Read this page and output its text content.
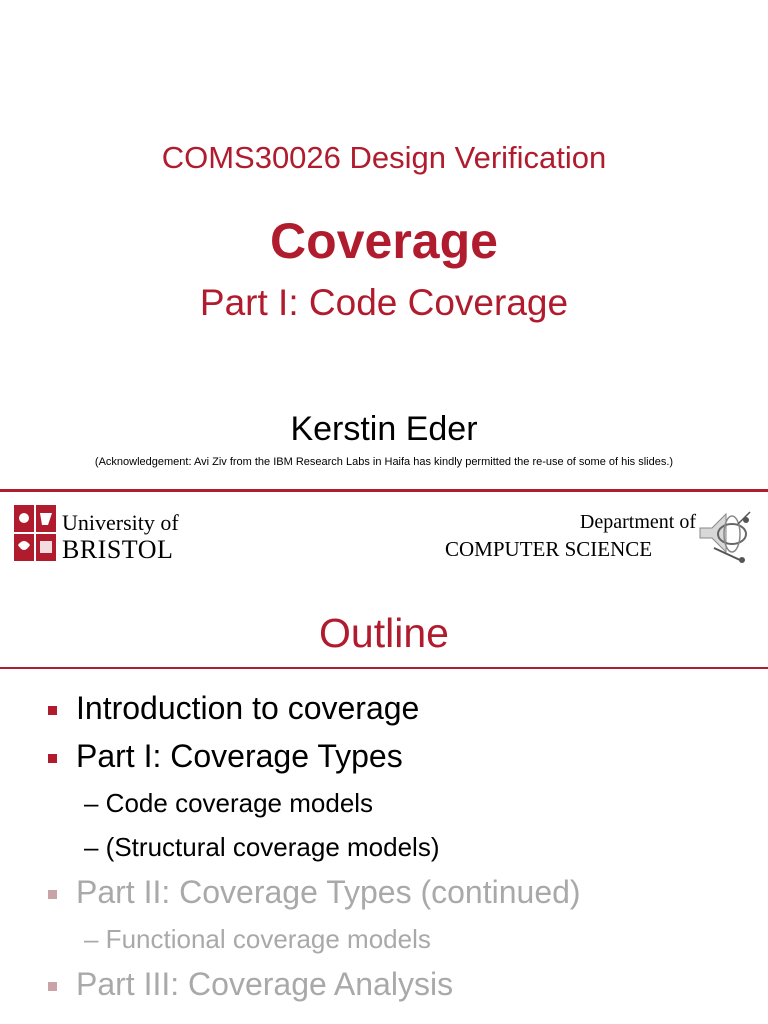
COMS30026 Design Verification
Coverage
Part I: Code Coverage
Kerstin Eder
(Acknowledgement: Avi Ziv from the IBM Research Labs in Haifa has kindly permitted the re-use of some of his slides.)
University of
BRISTOL
Department of
COMPUTER SCIENCE
Outline
Introduction to coverage
Part I: Coverage Types
– Code coverage models
– (Structural coverage models)
Part II: Coverage Types (continued)
– Functional coverage models
Part III: Coverage Analysis
